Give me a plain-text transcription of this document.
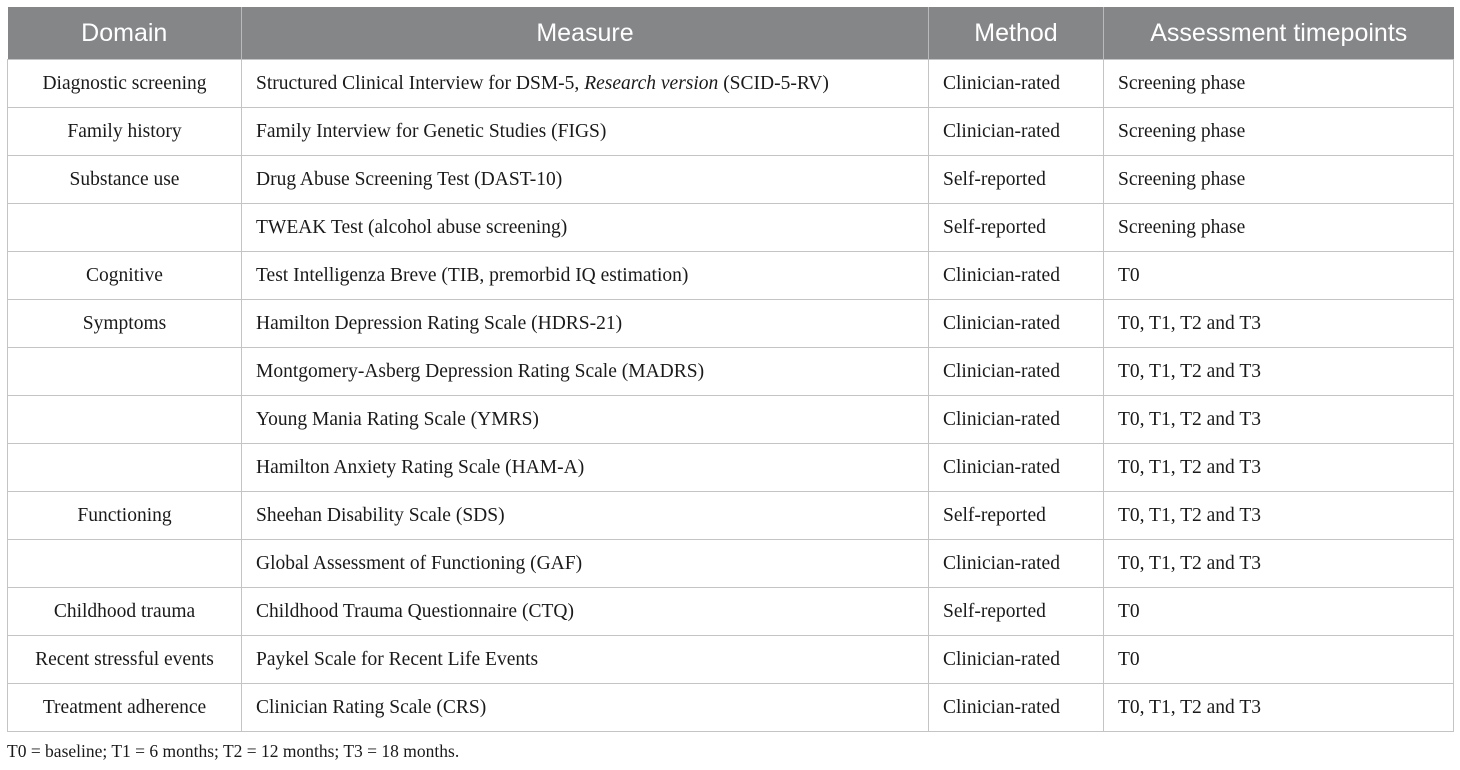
Domain	Measure	Method	Assessment timepoints
Diagnostic screening	Structured Clinical Interview for DSM-5, Research version (SCID-5-RV)	Clinician-rated	Screening phase
Family history	Family Interview for Genetic Studies (FIGS)	Clinician-rated	Screening phase
Substance use	Drug Abuse Screening Test (DAST-10)	Self-reported	Screening phase
	TWEAK Test (alcohol abuse screening)	Self-reported	Screening phase
Cognitive	Test Intelligenza Breve (TIB, premorbid IQ estimation)	Clinician-rated	T0
Symptoms	Hamilton Depression Rating Scale (HDRS-21)	Clinician-rated	T0, T1, T2 and T3
	Montgomery-Asberg Depression Rating Scale (MADRS)	Clinician-rated	T0, T1, T2 and T3
	Young Mania Rating Scale (YMRS)	Clinician-rated	T0, T1, T2 and T3
	Hamilton Anxiety Rating Scale (HAM-A)	Clinician-rated	T0, T1, T2 and T3
Functioning	Sheehan Disability Scale (SDS)	Self-reported	T0, T1, T2 and T3
	Global Assessment of Functioning (GAF)	Clinician-rated	T0, T1, T2 and T3
Childhood trauma	Childhood Trauma Questionnaire (CTQ)	Self-reported	T0
Recent stressful events	Paykel Scale for Recent Life Events	Clinician-rated	T0
Treatment adherence	Clinician Rating Scale (CRS)	Clinician-rated	T0, T1, T2 and T3
T0 = baseline; T1 = 6 months; T2 = 12 months; T3 = 18 months.
